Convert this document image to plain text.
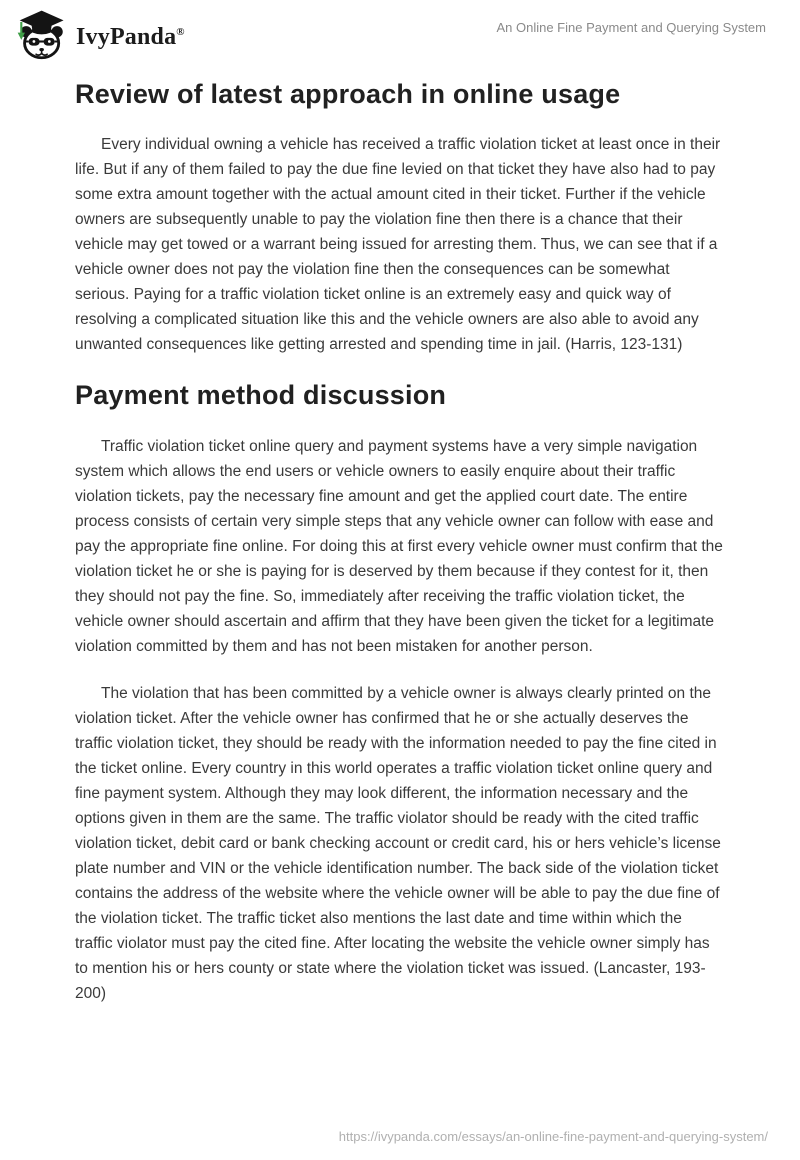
IvyPanda®	An Online Fine Payment and Querying System
Review of latest approach in online usage

Every individual owning a vehicle has received a traffic violation ticket at least once in their life. But if any of them failed to pay the due fine levied on that ticket they have also had to pay some extra amount together with the actual amount cited in their ticket. Further if the vehicle owners are subsequently unable to pay the violation fine then there is a chance that their vehicle may get towed or a warrant being issued for arresting them. Thus, we can see that if a vehicle owner does not pay the violation fine then the consequences can be somewhat serious. Paying for a traffic violation ticket online is an extremely easy and quick way of resolving a complicated situation like this and the vehicle owners are also able to avoid any unwanted consequences like getting arrested and spending time in jail. (Harris, 123-131)

Payment method discussion

Traffic violation ticket online query and payment systems have a very simple navigation system which allows the end users or vehicle owners to easily enquire about their traffic violation tickets, pay the necessary fine amount and get the applied court date. The entire process consists of certain very simple steps that any vehicle owner can follow with ease and pay the appropriate fine online. For doing this at first every vehicle owner must confirm that the violation ticket he or she is paying for is deserved by them because if they contest for it, then they should not pay the fine. So, immediately after receiving the traffic violation ticket, the vehicle owner should ascertain and affirm that they have been given the ticket for a legitimate violation committed by them and has not been mistaken for another person.

The violation that has been committed by a vehicle owner is always clearly printed on the violation ticket. After the vehicle owner has confirmed that he or she actually deserves the traffic violation ticket, they should be ready with the information needed to pay the fine cited in the ticket online. Every country in this world operates a traffic violation ticket online query and fine payment system. Although they may look different, the information necessary and the options given in them are the same. The traffic violator should be ready with the cited traffic violation ticket, debit card or bank checking account or credit card, his or hers vehicle’s license plate number and VIN or the vehicle identification number. The back side of the violation ticket contains the address of the website where the vehicle owner will be able to pay the due fine of the violation ticket. The traffic ticket also mentions the last date and time within which the traffic violator must pay the cited fine. After locating the website the vehicle owner simply has to mention his or hers county or state where the violation ticket was issued. (Lancaster, 193-200)

https://ivypanda.com/essays/an-online-fine-payment-and-querying-system/
